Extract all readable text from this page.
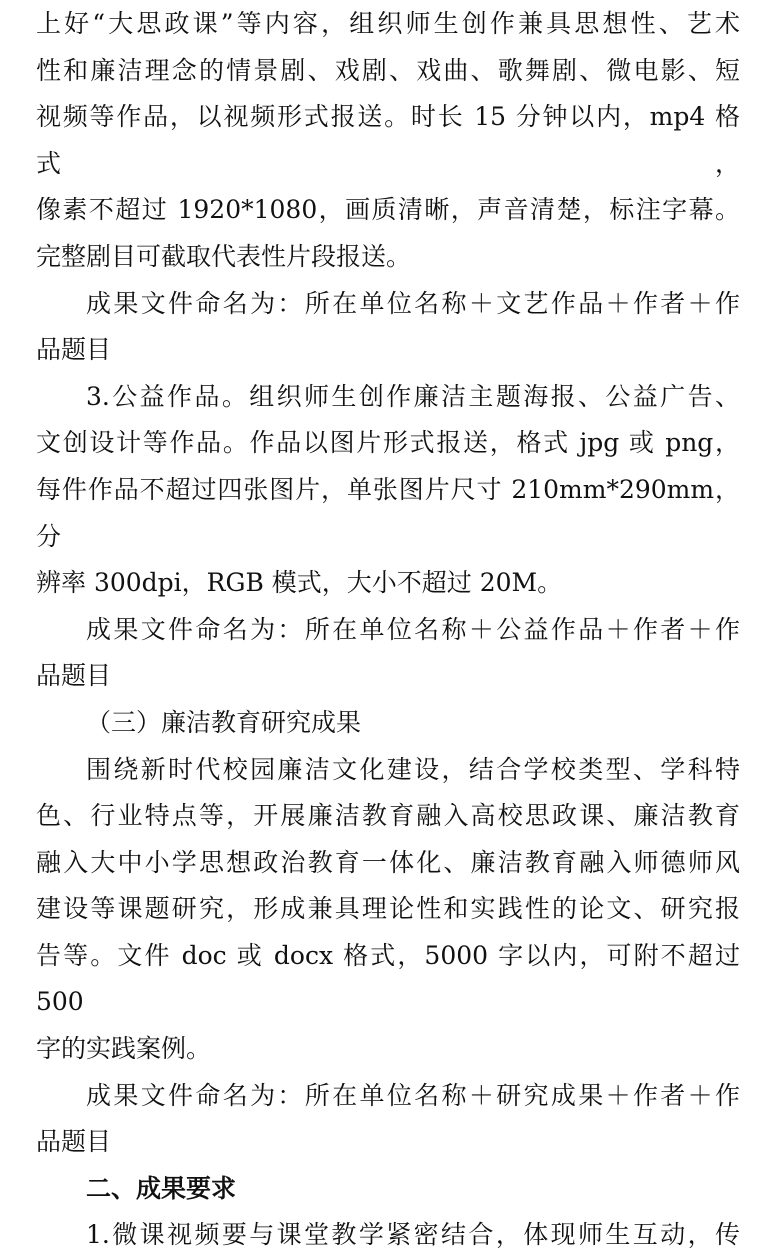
上好“大思政课”等内容，组织师生创作兼具思想性、艺术
性和廉洁理念的情景剧、戏剧、戏曲、歌舞剧、微电影、短
视频等作品，以视频形式报送。时长 15 分钟以内，mp4 格式，
像素不超过 1920*1080，画质清晰，声音清楚，标注字幕。
完整剧目可截取代表性片段报送。
成果文件命名为：所在单位名称＋文艺作品＋作者＋作
品题目
3.公益作品。组织师生创作廉洁主题海报、公益广告、
文创设计等作品。作品以图片形式报送，格式 jpg 或 png，
每件作品不超过四张图片，单张图片尺寸 210mm*290mm，分
辨率 300dpi，RGB 模式，大小不超过 20M。
成果文件命名为：所在单位名称＋公益作品＋作者＋作
品题目
（三）廉洁教育研究成果
围绕新时代校园廉洁文化建设，结合学校类型、学科特
色、行业特点等，开展廉洁教育融入高校思政课、廉洁教育
融入大中小学思想政治教育一体化、廉洁教育融入师德师风
建设等课题研究，形成兼具理论性和实践性的论文、研究报
告等。文件 doc 或 docx 格式，5000 字以内，可附不超过 500
字的实践案例。
成果文件命名为：所在单位名称＋研究成果＋作者＋作
品题目
二、成果要求
1.微课视频要与课堂教学紧密结合，体现师生互动，传
